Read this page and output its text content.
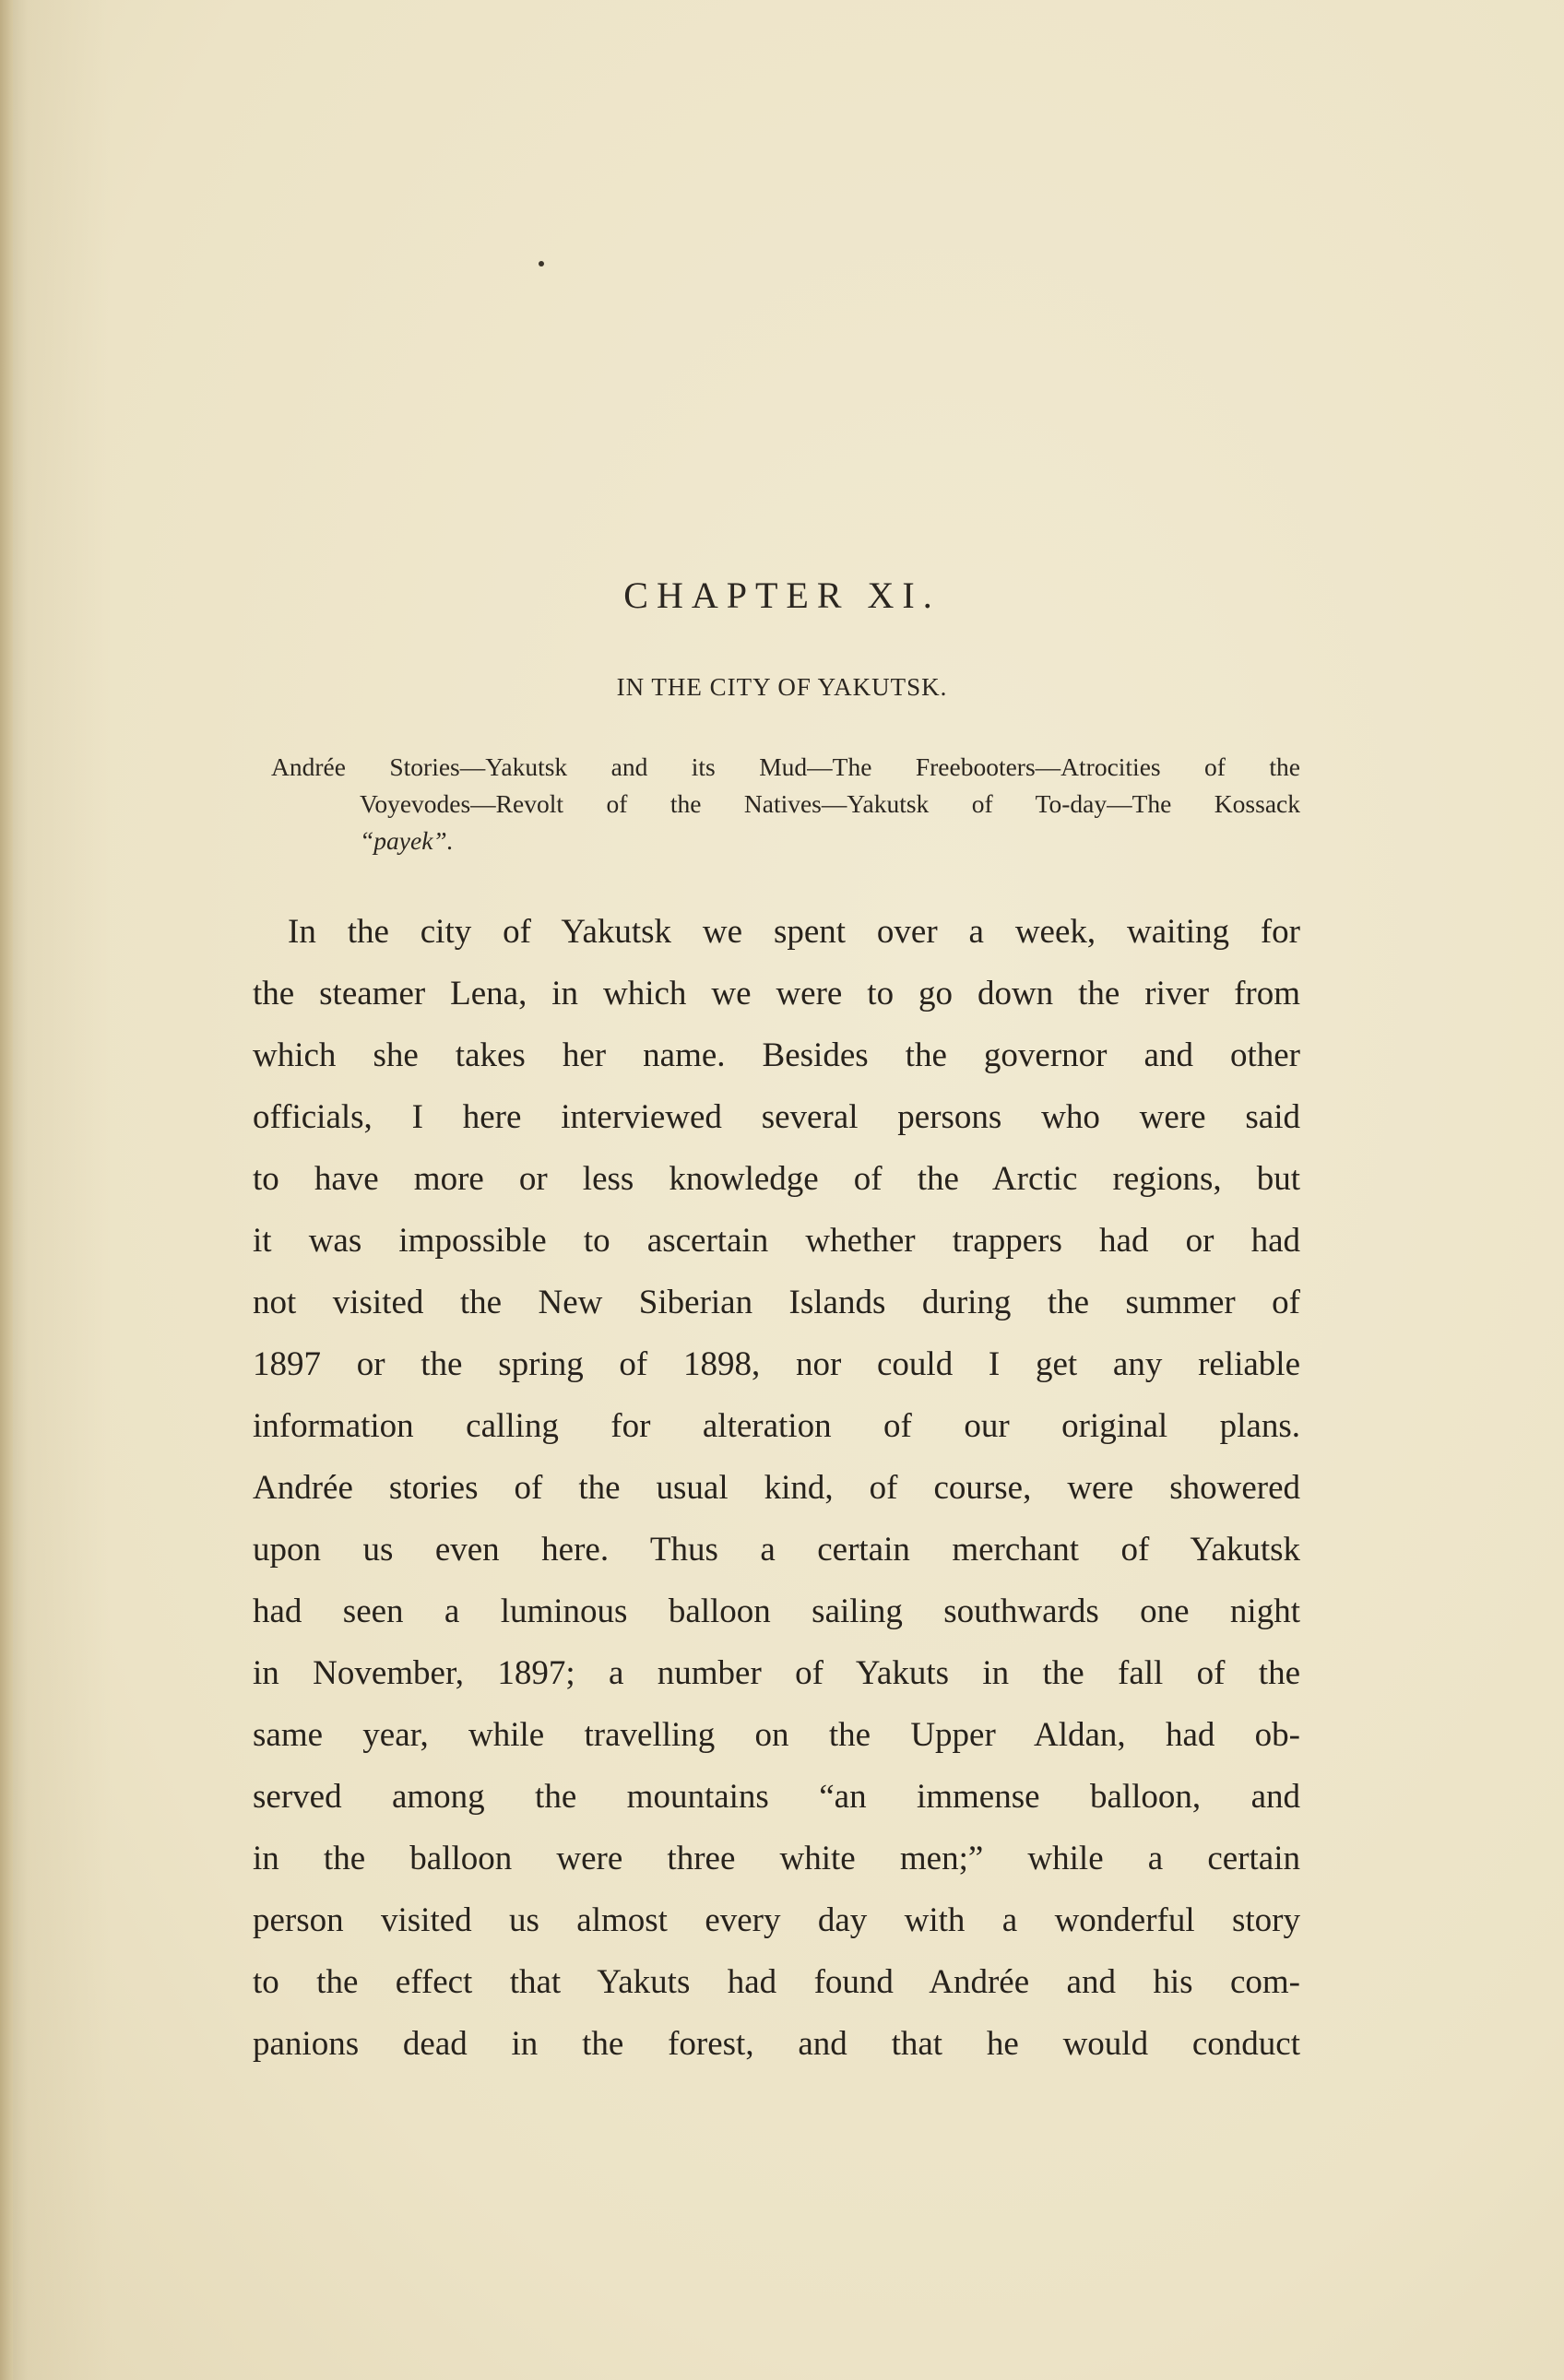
CHAPTER XI.
IN THE CITY OF YAKUTSK.
Andrée Stories—Yakutsk and its Mud—The Freebooters—Atrocities of the
Voyevodes—Revolt of the Natives—Yakutsk of To-day—The Kossack
“payek”.
In the city of Yakutsk we spent over a week, waiting for
the steamer Lena, in which we were to go down the river from
which she takes her name. Besides the governor and other
officials, I here interviewed several persons who were said
to have more or less knowledge of the Arctic regions, but
it was impossible to ascertain whether trappers had or had
not visited the New Siberian Islands during the summer of
1897 or the spring of 1898, nor could I get any reliable
information calling for alteration of our original plans.
Andrée stories of the usual kind, of course, were showered
upon us even here. Thus a certain merchant of Yakutsk
had seen a luminous balloon sailing southwards one night
in November, 1897; a number of Yakuts in the fall of the
same year, while travelling on the Upper Aldan, had ob-
served among the mountains “an immense balloon, and
in the balloon were three white men;” while a certain
person visited us almost every day with a wonderful story
to the effect that Yakuts had found Andrée and his com-
panions dead in the forest, and that he would conduct
